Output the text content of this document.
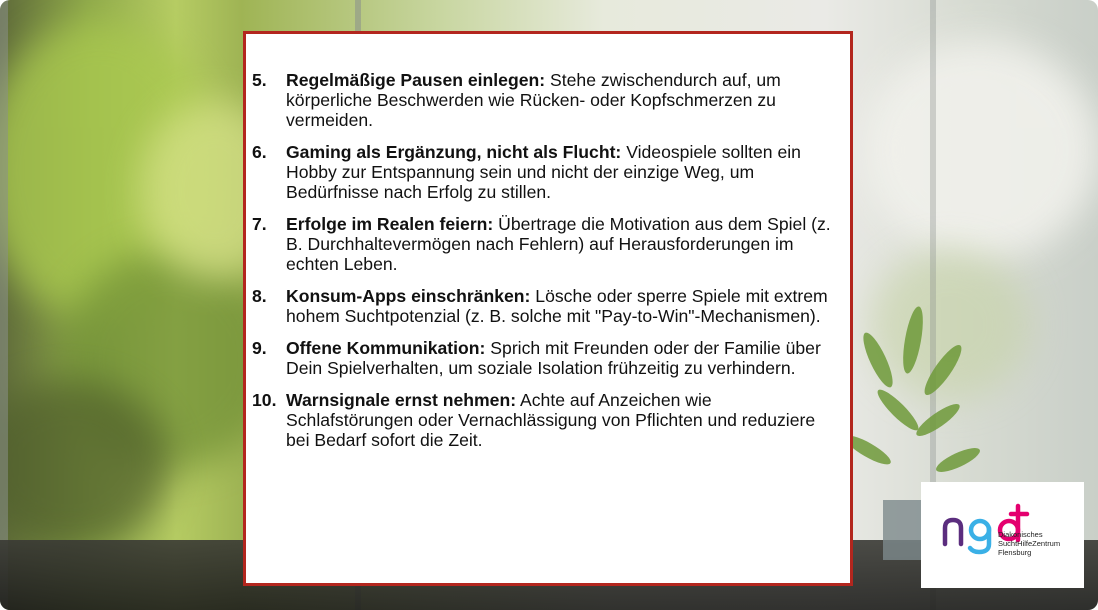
5.	Regelmäßige Pausen einlegen: Stehe zwischendurch auf, um körperliche Beschwerden wie Rücken- oder Kopfschmerzen zu vermeiden.
6.	Gaming als Ergänzung, nicht als Flucht: Videospiele sollten ein Hobby zur Entspannung sein und nicht der einzige Weg, um Bedürfnisse nach Erfolg zu stillen.
7.	Erfolge im Realen feiern: Übertrage die Motivation aus dem Spiel (z. B. Durchhaltevermögen nach Fehlern) auf Herausforderungen im echten Leben.
8.	Konsum-Apps einschränken: Lösche oder sperre Spiele mit extrem hohem Suchtpotenzial (z. B. solche mit "Pay-to-Win"-Mechanismen).
9.	Offene Kommunikation: Sprich mit Freunden oder der Familie über Dein Spielverhalten, um soziale Isolation frühzeitig zu verhindern.
10. Warnsignale ernst nehmen: Achte auf Anzeichen wie Schlafstörungen oder Vernachlässigung von Pflichten und reduziere bei Bedarf sofort die Zeit.
Diakonisches
SuchtHilfeZentrum
Flensburg
